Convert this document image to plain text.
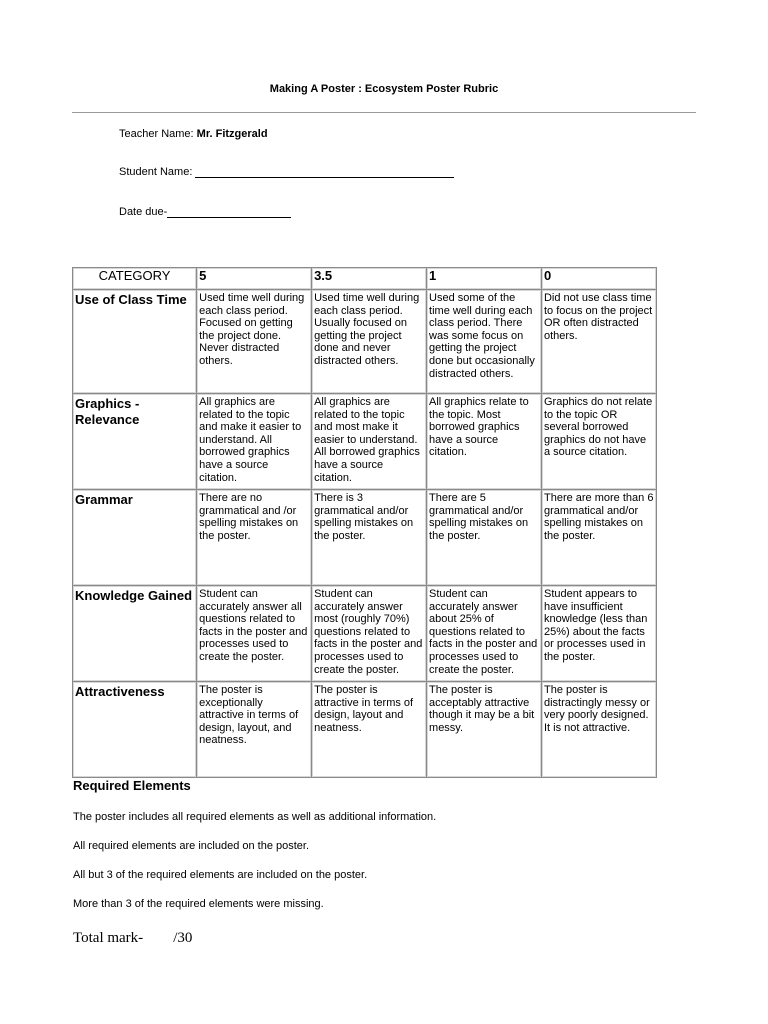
Making A Poster : Ecosystem Poster Rubric
Teacher Name: Mr. Fitzgerald
Student Name:
Date due-
CATEGORY	5	3.5	1	0
Use of Class Time	Used time well during each class period. Focused on getting the project done. Never distracted others.	Used time well during each class period. Usually focused on getting the project done and never distracted others.	Used some of the time well during each class period. There was some focus on getting the project done but occasionally distracted others.	Did not use class time to focus on the project OR often distracted others.
Graphics - Relevance	All graphics are related to the topic and make it easier to understand. All borrowed graphics have a source citation.	All graphics are related to the topic and most make it easier to understand. All borrowed graphics have a source citation.	All graphics relate to the topic. Most borrowed graphics have a source citation.	Graphics do not relate to the topic OR several borrowed graphics do not have a source citation.
Grammar	There are no grammatical and /or spelling mistakes on the poster.	There is 3 grammatical and/or spelling mistakes on the poster.	There are 5 grammatical and/or spelling mistakes on the poster.	There are more than 6 grammatical and/or spelling mistakes on the poster.
Knowledge Gained	Student can accurately answer all questions related to facts in the poster and processes used to create the poster.	Student can accurately answer most (roughly 70%) questions related to facts in the poster and processes used to create the poster.	Student can accurately answer about 25% of questions related to facts in the poster and processes used to create the poster.	Student appears to have insufficient knowledge (less than 25%) about the facts or processes used in the poster.
Attractiveness	The poster is exceptionally attractive in terms of design, layout, and neatness.	The poster is attractive in terms of design, layout and neatness.	The poster is acceptably attractive though it may be a bit messy.	The poster is distractingly messy or very poorly designed. It is not attractive.
Required Elements
The poster includes all required elements as well as additional information.
All required elements are included on the poster.
All but 3 of the required elements are included on the poster.
More than 3 of the required elements were missing.
Total mark- /30
